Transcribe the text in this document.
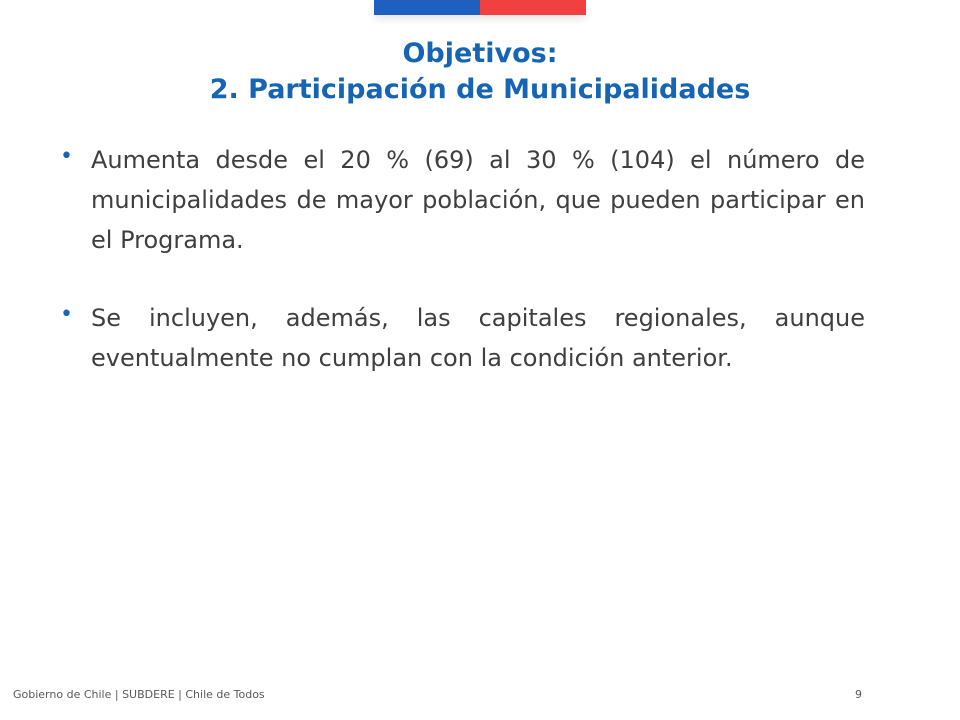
Objetivos:
2. Participación de Municipalidades
• Aumenta desde el 20 % (69) al 30 % (104) el número de municipalidades de mayor población, que pueden participar en el Programa.
• Se incluyen, además, las capitales regionales, aunque eventualmente no cumplan con la condición anterior.
Gobierno de Chile | SUBDERE | Chile de Todos	9
